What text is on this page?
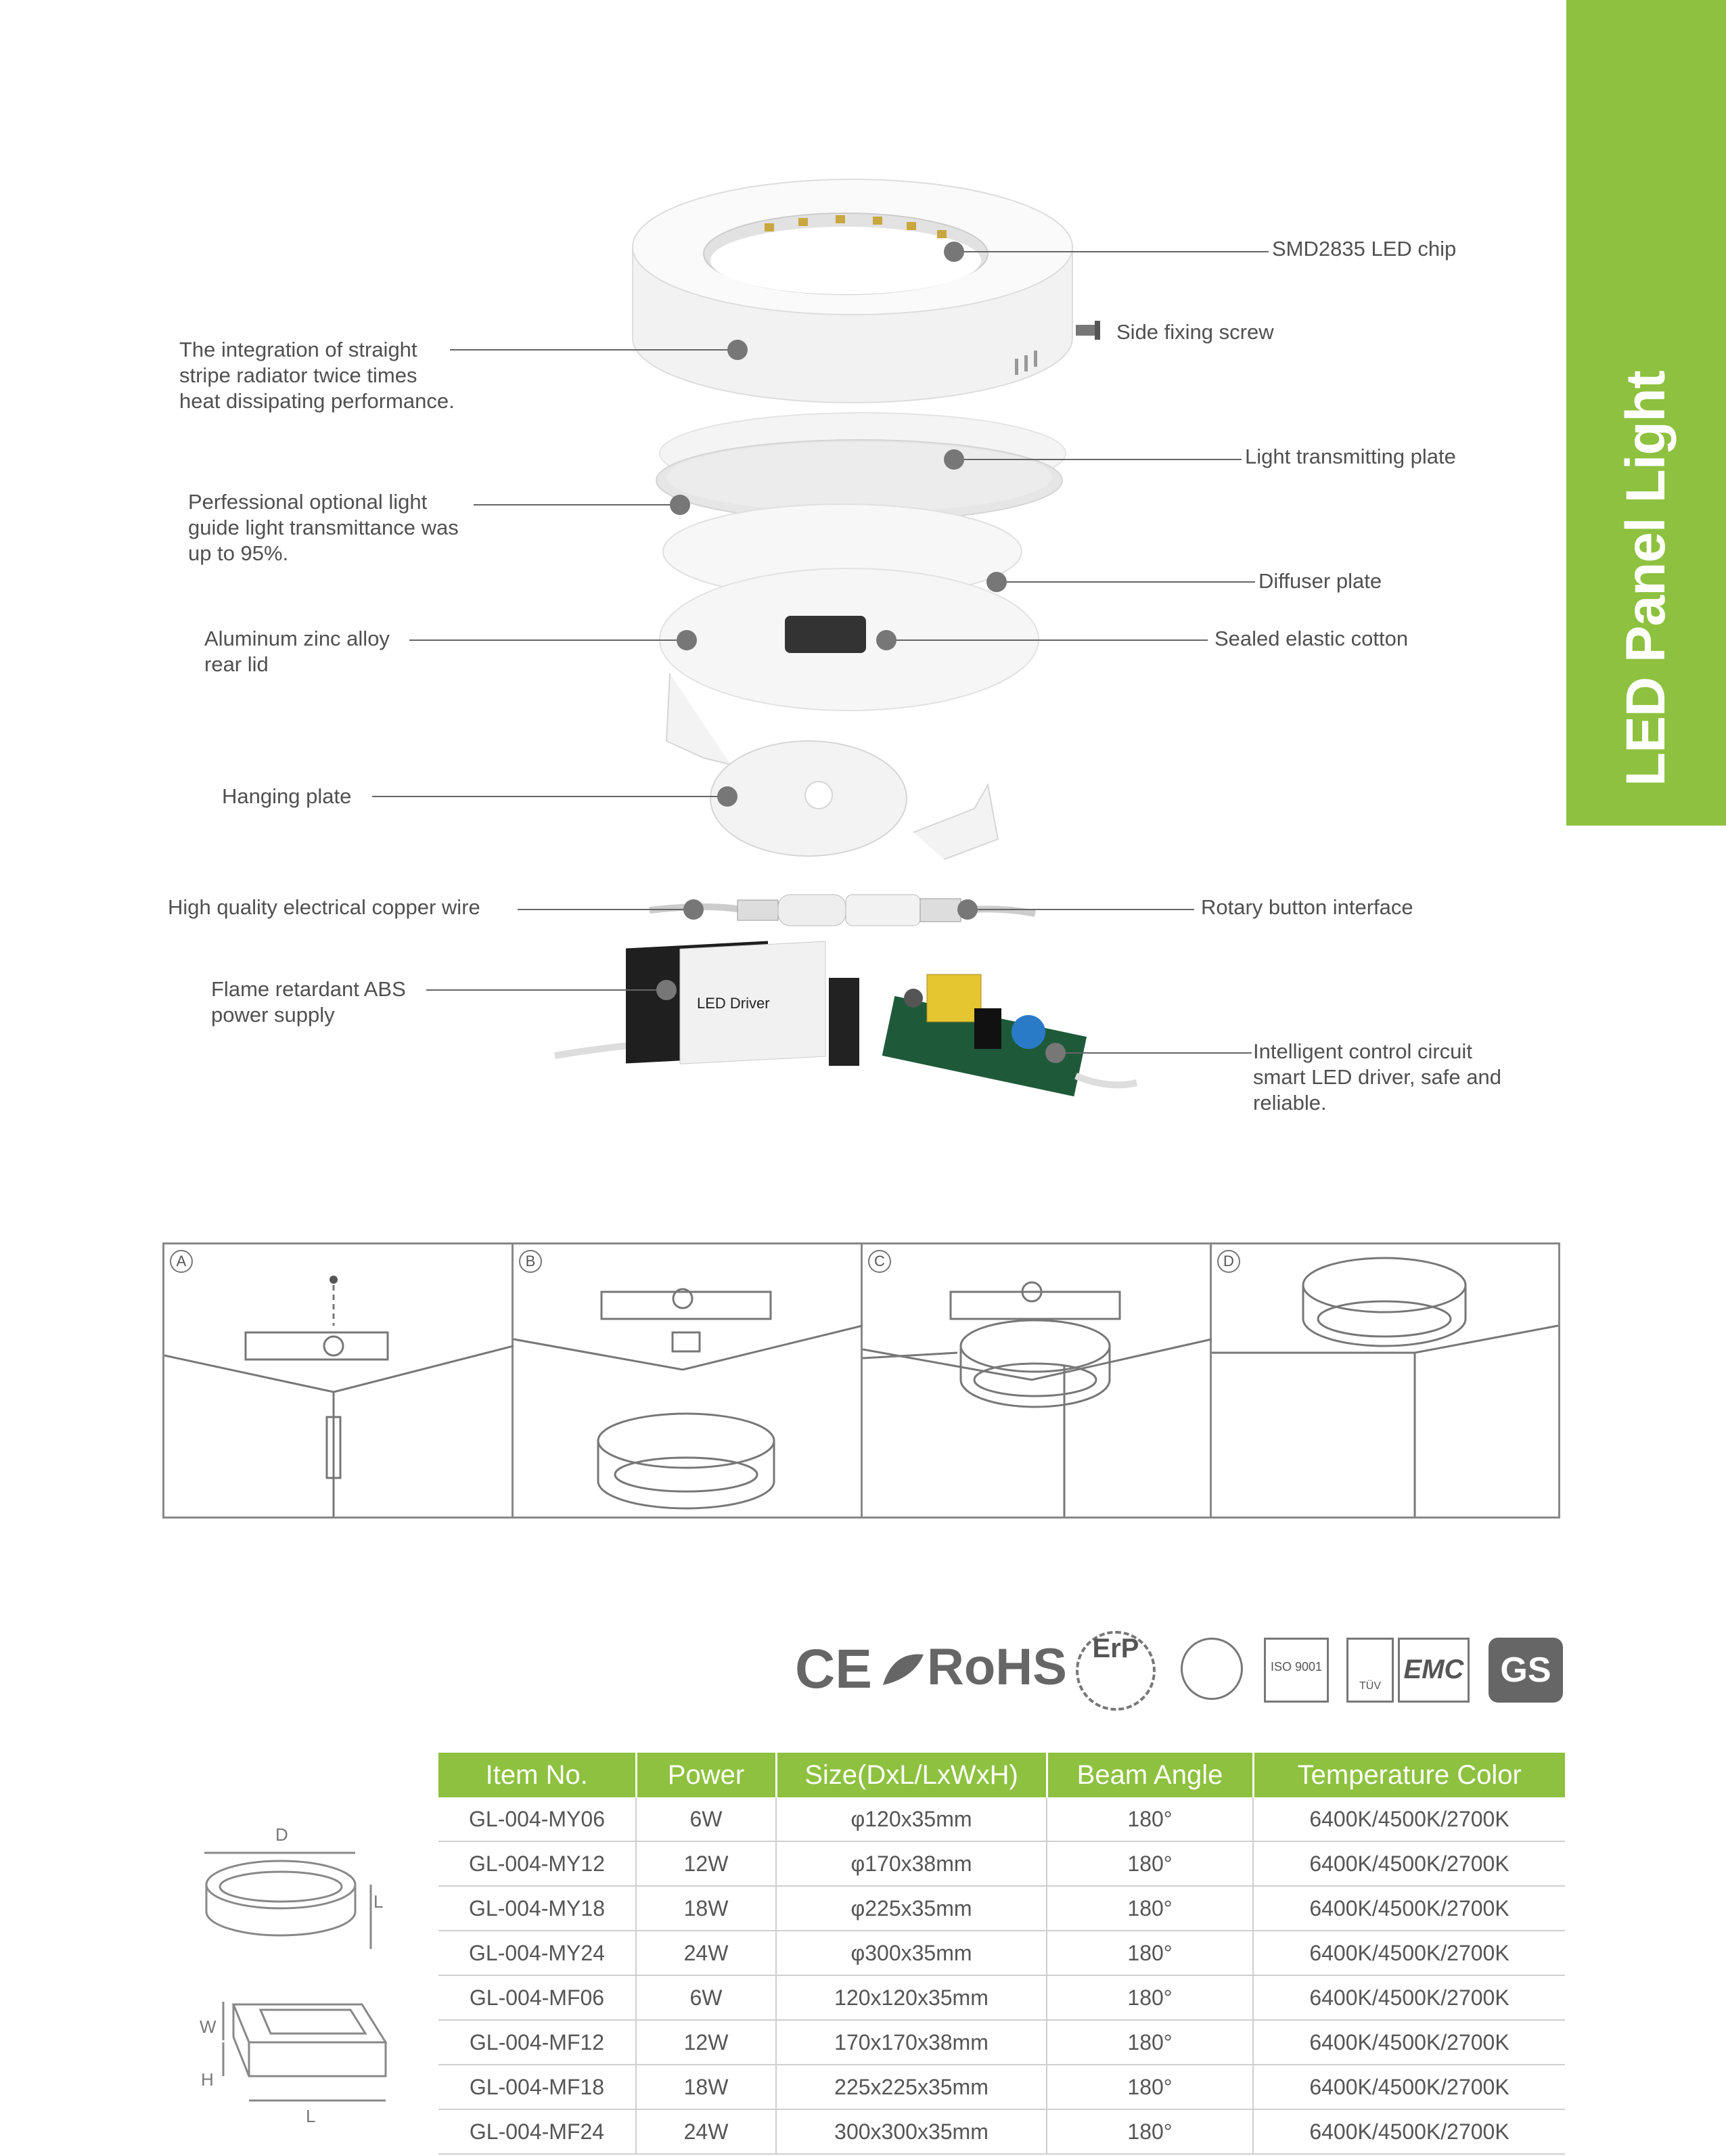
LED Panel Light
LED Driver
SMD2835 LED chip
Side fixing screw
Light transmitting plate
Diffuser plate
Sealed elastic cotton
Rotary button interface
Intelligent control circuit
smart LED driver, safe and
reliable.
The integration of straight
stripe radiator twice times
heat dissipating performance.
Perfessional optional light
guide light transmittance was
up to 95%.
Aluminum zinc alloy
rear lid
Hanging plate
High quality electrical copper wire
Flame retardant ABS
power supply
A	B	C	D
CE RoHS ErP
ISO 9001
TÜV
EMC	GS
D
L
W
H
L
Item No.	Power	Size(DxL/LxWxH)	Beam Angle	Temperature Color
GL-004-MY06	6W	φ120x35mm	180°	6400K/4500K/2700K
GL-004-MY12	12W	φ170x38mm	180°	6400K/4500K/2700K
GL-004-MY18	18W	φ225x35mm	180°	6400K/4500K/2700K
GL-004-MY24	24W	φ300x35mm	180°	6400K/4500K/2700K
GL-004-MF06	6W	120x120x35mm	180°	6400K/4500K/2700K
GL-004-MF12	12W	170x170x38mm	180°	6400K/4500K/2700K
GL-004-MF18	18W	225x225x35mm	180°	6400K/4500K/2700K
GL-004-MF24	24W	300x300x35mm	180°	6400K/4500K/2700K
